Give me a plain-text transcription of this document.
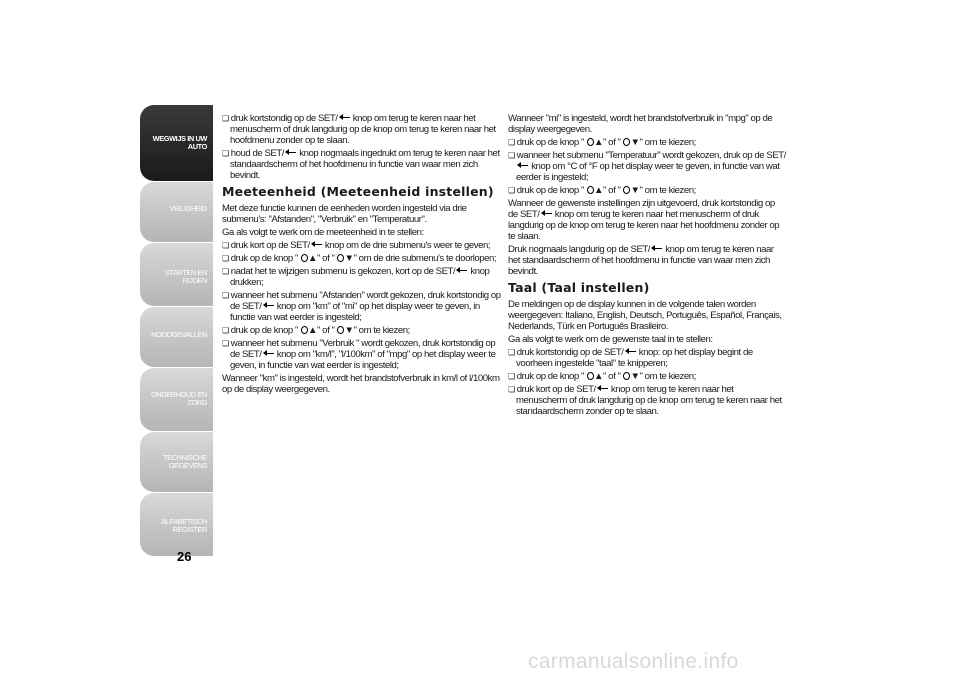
WEGWIJS IN UW
AUTO
VEILIGHEID
STARTEN EN RIJDEN
NOODGEVALLEN
ONDERHOUD EN
ZORG
TECHNISCHE
GEGEVENS
ALFABETISCH
REGISTER
26
❏ druk kortstondig op de SET/ knop om terug te keren naar het menuscherm of druk langdurig op de knop om terug te keren naar het hoofdmenu zonder op te slaan.
❏ houd de SET/ knop nogmaals ingedrukt om terug te keren naar het standaardscherm of het hoofdmenu in functie van waar men zich bevindt.
Meeteenheid (Meeteenheid instellen)

Met deze functie kunnen de eenheden worden ingesteld via drie submenu's: "Afstanden", "Verbruik" en "Temperatuur".

Ga als volgt te werk om de meeteenheid in te stellen:

❏ druk kort op de SET/ knop om de drie submenu's weer te geven;
❏ druk op de knop " ▲" of " ▼" om de drie submenu's te doorlopen;
❏ nadat het te wijzigen submenu is gekozen, kort op de SET/ knop drukken;
❏ wanneer het submenu "Afstanden" wordt gekozen, druk kortstondig op de SET/ knop om "km" of "mi" op het display weer te geven, in functie van wat eerder is ingesteld;
❏ druk op de knop " ▲" of " ▼" om te kiezen;
❏ wanneer het submenu "Verbruik " wordt gekozen, druk kortstondig op de SET/ knop om "km/l", "l/100km" of "mpg" op het display weer te geven, in functie van wat eerder is ingesteld;

Wanneer "km" is ingesteld, wordt het brandstofverbruik in km/l of l/100km op de display weergegeven.

Wanneer "mi" is ingesteld, wordt het brandstofverbruik in "mpg" op de display weergegeven.

❏ druk op de knop " ▲" of " ▼" om te kiezen;
❏ wanneer het submenu "Temperatuur" wordt gekozen, druk op de SET/ knop om °C of °F op het display weer te geven, in functie van wat eerder is ingesteld;
❏ druk op de knop " ▲" of " ▼" om te kiezen;

Wanneer de gewenste instellingen zijn uitgevoerd, druk kortstondig op de SET/ knop om terug te keren naar het menuscherm of druk langdurig op de knop om terug te keren naar het hoofdmenu zonder op te slaan.

Druk nogmaals langdurig op de SET/ knop om terug te keren naar het standaardscherm of het hoofdmenu in functie van waar men zich bevindt.

Taal (Taal instellen)

De meldingen op de display kunnen in de volgende talen worden weergegeven: Italiano, English, Deutsch, Português, Español, Français, Nederlands, Türk en Português Brasileiro.

Ga als volgt te werk om de gewenste taal in te stellen:

❏ druk kortstondig op de SET/ knop: op het display begint de voorheen ingestelde "taal" te knipperen;
❏ druk op de knop " ▲" of " ▼" om te kiezen;
❏ druk kort op de SET/ knop om terug te keren naar het menuscherm of druk langdurig op de knop om terug te keren naar het standaardscherm zonder op te slaan.
carmanualsonline.info
